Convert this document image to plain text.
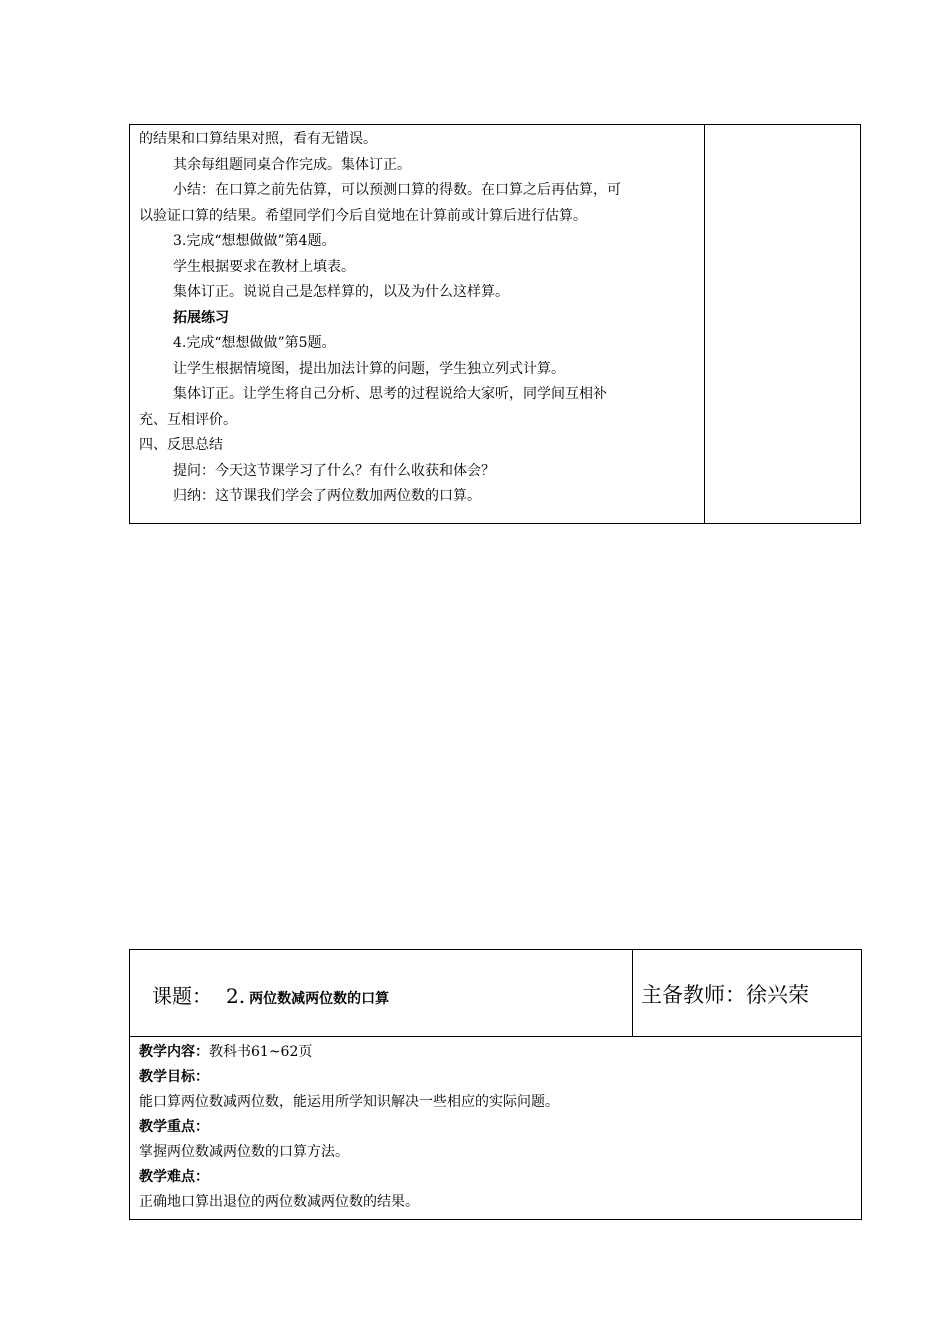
的结果和口算结果对照，看有无错误。

其余每组题同桌合作完成。集体订正。

小结：在口算之前先估算，可以预测口算的得数。在口算之后再估算，可

以验证口算的结果。希望同学们今后自觉地在计算前或计算后进行估算。

3.完成“想想做做”第4题。

学生根据要求在教材上填表。

集体订正。说说自己是怎样算的，以及为什么这样算。

拓展练习

4.完成“想想做做”第5题。

让学生根据情境图，提出加法计算的问题，学生独立列式计算。

集体订正。让学生将自己分析、思考的过程说给大家听，同学间互相补

充、互相评价。

四、反思总结

提问：今天这节课学习了什么？有什么收获和体会？

归纳：这节课我们学会了两位数加两位数的口算。

课题： 2. 两位数减两位数的口算	主备教师：徐兴荣

教学内容：教科书61~62页

教学目标：

能口算两位数减两位数，能运用所学知识解决一些相应的实际问题。

教学重点：

掌握两位数减两位数的口算方法。

教学难点：

正确地口算出退位的两位数减两位数的结果。
